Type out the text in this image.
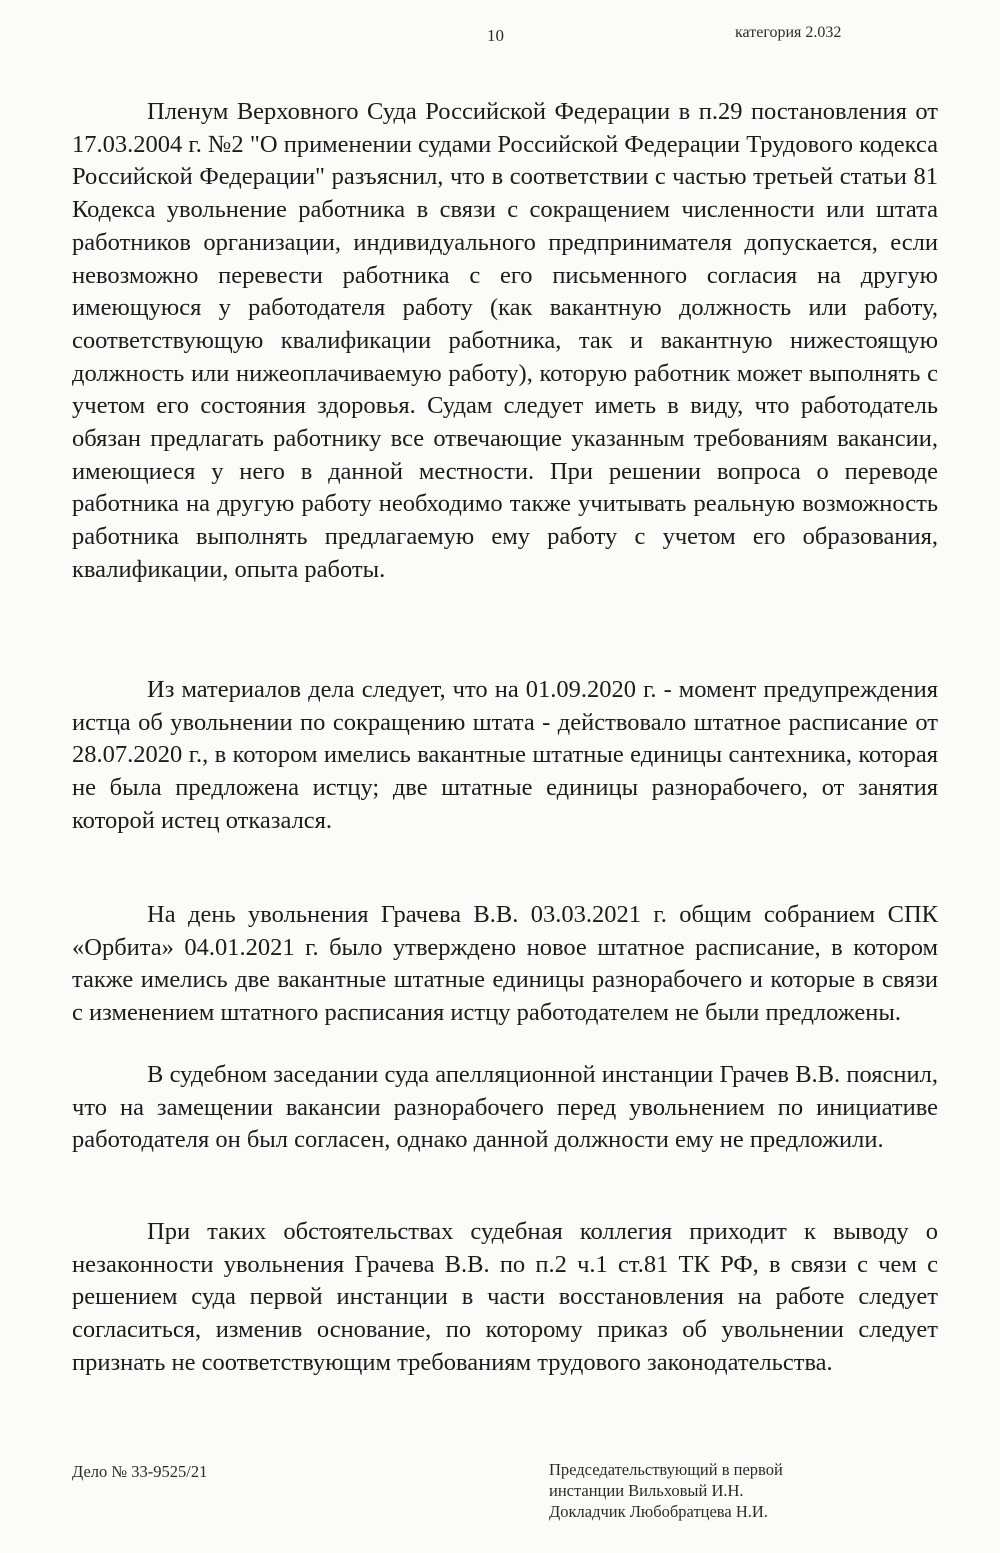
10	категория 2.032

Пленум Верховного Суда Российской Федерации в п.29 постановления от 17.03.2004 г. №2 "О применении судами Российской Федерации Трудового кодекса Российской Федерации" разъяснил, что в соответствии с частью третьей статьи 81 Кодекса увольнение работника в связи с сокращением численности или штата работников организации, индивидуального предпринимателя допускается, если невозможно перевести работника с его письменного согласия на другую имеющуюся у работодателя работу (как вакантную должность или работу, соответствующую квалификации работника, так и вакантную нижестоящую должность или нижеоплачиваемую работу), которую работник может выполнять с учетом его состояния здоровья. Судам следует иметь в виду, что работодатель обязан предлагать работнику все отвечающие указанным требованиям вакансии, имеющиеся у него в данной местности. При решении вопроса о переводе работника на другую работу необходимо также учитывать реальную возможность работника выполнять предлагаемую ему работу с учетом его образования, квалификации, опыта работы.

Из материалов дела следует, что на 01.09.2020 г. - момент предупреждения истца об увольнении по сокращению штата - действовало штатное расписание от 28.07.2020 г., в котором имелись вакантные штатные единицы сантехника, которая не была предложена истцу; две штатные единицы разнорабочего, от занятия которой истец отказался.

На день увольнения Грачева В.В. 03.03.2021 г. общим собранием СПК «Орбита» 04.01.2021 г. было утверждено новое штатное расписание, в котором также имелись две вакантные штатные единицы разнорабочего и которые в связи с изменением штатного расписания истцу работодателем не были предложены.

В судебном заседании суда апелляционной инстанции Грачев В.В. пояснил, что на замещении вакансии разнорабочего перед увольнением по инициативе работодателя он был согласен, однако данной должности ему не предложили.

При таких обстоятельствах судебная коллегия приходит к выводу о незаконности увольнения Грачева В.В. по п.2 ч.1 ст.81 ТК РФ, в связи с чем с решением суда первой инстанции в части восстановления на работе следует согласиться, изменив основание, по которому приказ об увольнении следует признать не соответствующим требованиям трудового законодательства.

Дело № 33-9525/21	Председательствующий в первой
инстанции Вильховый И.Н.
Докладчик Любобратцева Н.И.
